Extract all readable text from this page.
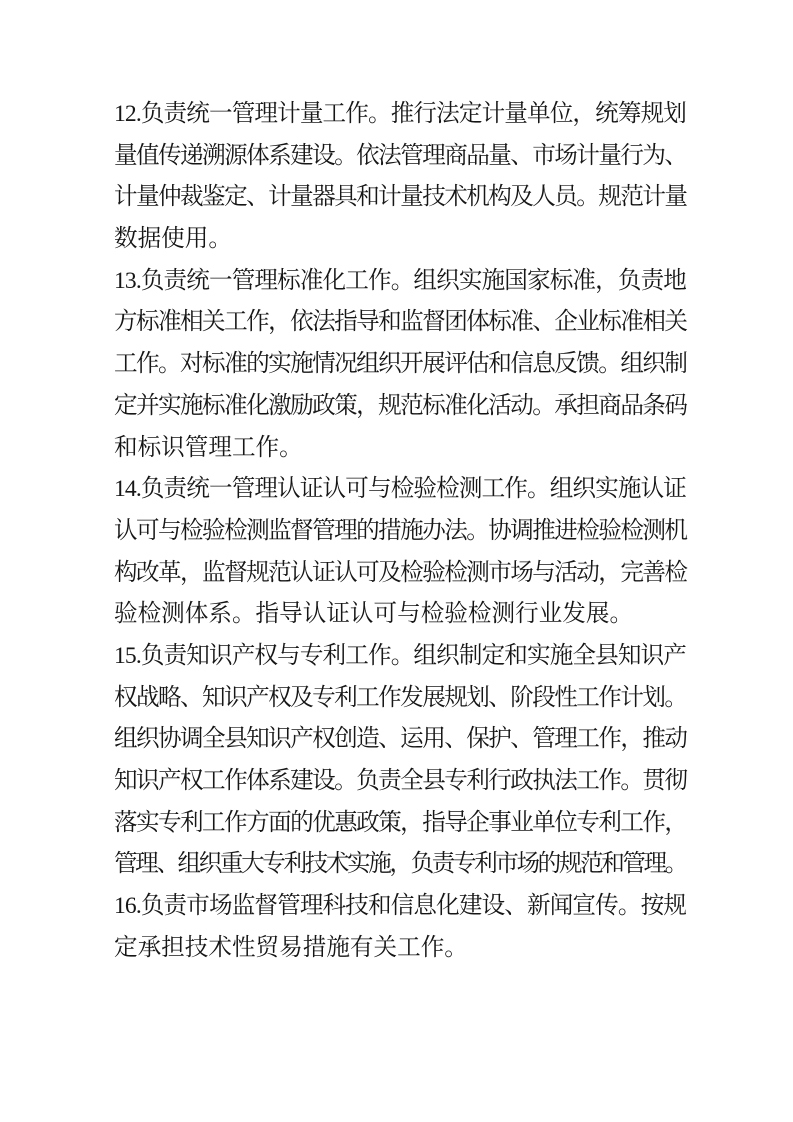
12.负责统一管理计量工作。推行法定计量单位，统筹规划
量值传递溯源体系建设。依法管理商品量、市场计量行为、
计量仲裁鉴定、计量器具和计量技术机构及人员。规范计量
数据使用。
13.负责统一管理标准化工作。组织实施国家标准，负责地
方标准相关工作，依法指导和监督团体标准、企业标准相关
工作。对标准的实施情况组织开展评估和信息反馈。组织制
定并实施标准化激励政策，规范标准化活动。承担商品条码
和标识管理工作。
14.负责统一管理认证认可与检验检测工作。组织实施认证
认可与检验检测监督管理的措施办法。协调推进检验检测机
构改革，监督规范认证认可及检验检测市场与活动，完善检
验检测体系。指导认证认可与检验检测行业发展。
15.负责知识产权与专利工作。组织制定和实施全县知识产
权战略、知识产权及专利工作发展规划、阶段性工作计划。
组织协调全县知识产权创造、运用、保护、管理工作，推动
知识产权工作体系建设。负责全县专利行政执法工作。贯彻
落实专利工作方面的优惠政策，指导企事业单位专利工作，
管理、组织重大专利技术实施，负责专利市场的规范和管理。
16.负责市场监督管理科技和信息化建设、新闻宣传。按规
定承担技术性贸易措施有关工作。
